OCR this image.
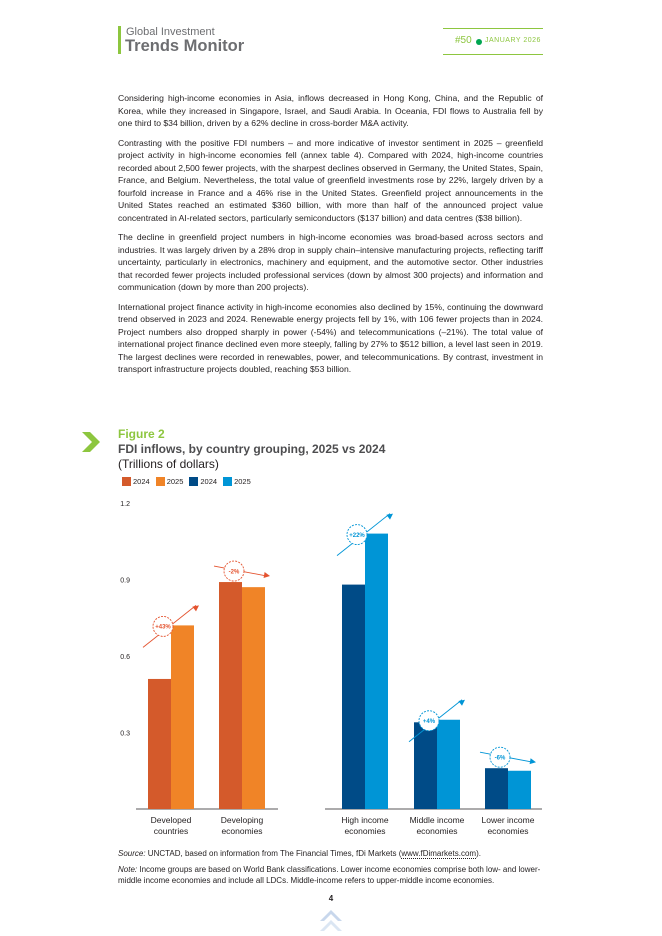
Global Investment
Trends Monitor	#50 JANUARY 2026

Considering high-income economies in Asia, inflows decreased in Hong Kong, China, and the Republic of Korea, while they increased in Singapore, Israel, and Saudi Arabia. In Oceania, FDI flows to Australia fell by one third to $34 billion, driven by a 62% decline in cross-border M&A activity.

Contrasting with the positive FDI numbers – and more indicative of investor sentiment in 2025 – greenfield project activity in high-income economies fell (annex table 4). Compared with 2024, high-income countries recorded about 2,500 fewer projects, with the sharpest declines observed in Germany, the United States, Spain, France, and Belgium. Nevertheless, the total value of greenfield investments rose by 22%, largely driven by a fourfold increase in France and a 46% rise in the United States. Greenfield project announcements in the United States reached an estimated $360 billion, with more than half of the announced project value concentrated in AI-related sectors, particularly semiconductors ($137 billion) and data centres ($38 billion).

The decline in greenfield project numbers in high-income economies was broad-based across sectors and industries. It was largely driven by a 28% drop in supply chain–intensive manufacturing projects, reflecting tariff uncertainty, particularly in electronics, machinery and equipment, and the automotive sector. Other industries that recorded fewer projects included professional services (down by almost 300 projects) and information and communication (down by more than 200 projects).

International project finance activity in high-income economies also declined by 15%, continuing the downward trend observed in 2023 and 2024. Renewable energy projects fell by 1%, with 106 fewer projects than in 2024. Project numbers also dropped sharply in power (-54%) and telecommunications (–21%). The total value of international project finance declined even more steeply, falling by 27% to $512 billion, a level last seen in 2019. The largest declines were recorded in renewables, power, and telecommunications. By contrast, investment in transport infrastructure projects doubled, reaching $53 billion.

Figure 2
FDI inflows, by country grouping, 2025 vs 2024
(Trillions of dollars)
2024 2025 2024 2025
1.2
0.9
0.6
0.3
+43%
Developed
countries
-2%
Developing
economies
+22%
High income
economies
+4%
Middle income
economies
-6%
Lower income
economies
Source: UNCTAD, based on information from The Financial Times, fDi Markets (www.fDimarkets.com).
Note: Income groups are based on World Bank classifications. Lower income economies comprise both low- and lower-middle income economies and include all LDCs. Middle-income refers to upper-middle income economies.
4
